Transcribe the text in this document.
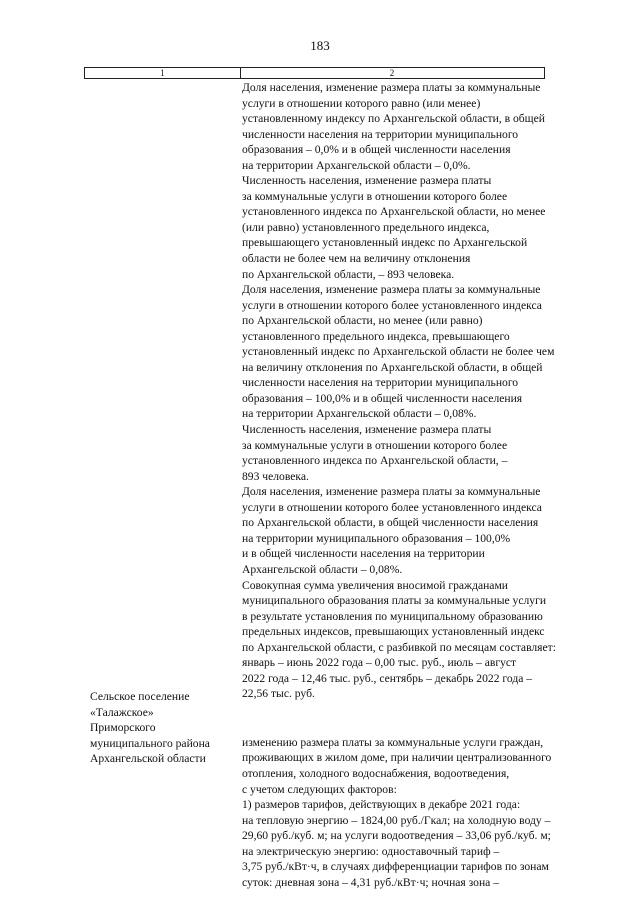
183
1	2

Доля населения, изменение размера платы за коммунальные

услуги в отношении которого равно (или менее)

установленному индексу по Архангельской области, в общей

численности населения на территории муниципального

образования – 0,0% и в общей численности населения

на территории Архангельской области – 0,0%.

Численность населения, изменение размера платы

за коммунальные услуги в отношении которого более

установленного индекса по Архангельской области, но менее

(или равно) установленного предельного индекса,

превышающего установленный индекс по Архангельской

области не более чем на величину отклонения

по Архангельской области, – 893 человека.

Доля населения, изменение размера платы за коммунальные

услуги в отношении которого более установленного индекса

по Архангельской области, но менее (или равно)

установленного предельного индекса, превышающего

установленный индекс по Архангельской области не более чем

на величину отклонения по Архангельской области, в общей

численности населения на территории муниципального

образования – 100,0% и в общей численности населения

на территории Архангельской области – 0,08%.

Численность населения, изменение размера платы

за коммунальные услуги в отношении которого более

установленного индекса по Архангельской области, –

893 человека.

Доля населения, изменение размера платы за коммунальные

услуги в отношении которого более установленного индекса

по Архангельской области, в общей численности населения

на территории муниципального образования – 100,0%

и в общей численности населения на территории

Архангельской области – 0,08%.

Совокупная сумма увеличения вносимой гражданами

муниципального образования платы за коммунальные услуги

в результате установления по муниципальному образованию

предельных индексов, превышающих установленный индекс

по Архангельской области, с разбивкой по месяцам составляет:

январь – июнь 2022 года – 0,00 тыс. руб., июль – август

2022 года – 12,46 тыс. руб., сентябрь – декабрь 2022 года –

22,56 тыс. руб.

изменению размера платы за коммунальные услуги граждан,

проживающих в жилом доме, при наличии централизованного

отопления, холодного водоснабжения, водоотведения,

с учетом следующих факторов:

1) размеров тарифов, действующих в декабре 2021 года:

на тепловую энергию – 1824,00 руб./Гкал; на холодную воду –

29,60 руб./куб. м; на услуги водоотведения – 33,06 руб./куб. м;

на электрическую энергию: одноставочный тариф –

3,75 руб./кВт·ч, в случаях дифференциации тарифов по зонам

суток: дневная зона – 4,31 руб./кВт·ч; ночная зона –

Сельское поселение

«Талажское»

Приморского

муниципального района

Архангельской области
